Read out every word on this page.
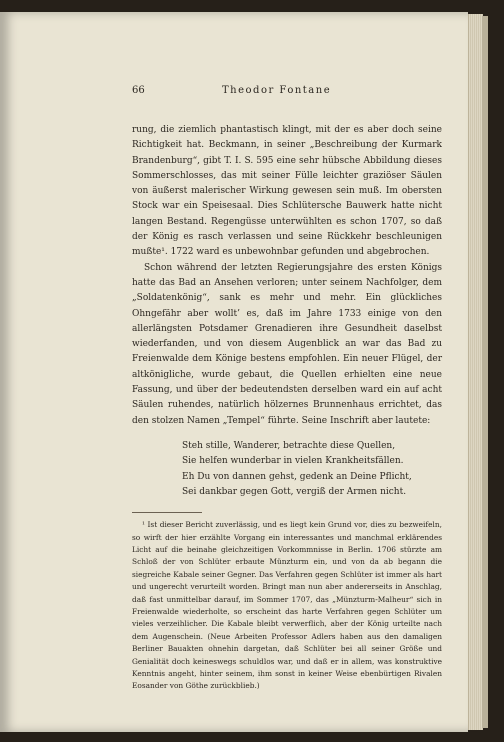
66	Theodor Fontane

rung, die ziemlich phantastisch klingt, mit der es aber doch seine Richtigkeit hat. Beckmann, in seiner „Beschreibung der Kurmark Brandenburg“, gibt T. I. S. 595 eine sehr hübsche Abbildung dieses Sommerschlosses, das mit seiner Fülle leichter graziöser Säulen von äußerst malerischer Wirkung gewesen sein muß. Im obersten Stock war ein Speisesaal. Dies Schlütersche Bauwerk hatte nicht langen Bestand. Regengüsse unterwühlten es schon 1707, so daß der König es rasch verlassen und seine Rückkehr beschleunigen mußte¹. 1722 ward es unbewohnbar gefunden und abgebrochen.

Schon während der letzten Regierungsjahre des ersten Königs hatte das Bad an Ansehen verloren; unter seinem Nachfolger, dem „Soldatenkönig“, sank es mehr und mehr. Ein glückliches Ohngefähr aber wollt’ es, daß im Jahre 1733 einige von den allerlängsten Potsdamer Grenadieren ihre Gesundheit daselbst wiederfanden, und von diesem Augenblick an war das Bad zu Freienwalde dem Könige bestens empfohlen. Ein neuer Flügel, der altkönigliche, wurde gebaut, die Quellen erhielten eine neue Fassung, und über der bedeutendsten derselben ward ein auf acht Säulen ruhendes, natürlich hölzernes Brunnenhaus errichtet, das den stolzen Namen „Tempel“ führte. Seine Inschrift aber lautete:

Steh stille, Wanderer, betrachte diese Quellen,
Sie helfen wunderbar in vielen Krankheitsfällen.
Eh Du von dannen gehst, gedenk an Deine Pflicht,
Sei dankbar gegen Gott, vergiß der Armen nicht.

¹ Ist dieser Bericht zuverlässig, und es liegt kein Grund vor, dies zu bezweifeln, so wirft der hier erzählte Vorgang ein interessantes und manchmal erklärendes Licht auf die beinahe gleichzeitigen Vorkommnisse in Berlin. 1706 stürzte am Schloß der von Schlüter erbaute Münzturm ein, und von da ab begann die siegreiche Kabale seiner Gegner. Das Verfahren gegen Schlüter ist immer als hart und ungerecht verurteilt worden. Bringt man nun aber andererseits in Anschlag, daß fast unmittelbar darauf, im Sommer 1707, das „Münzturm-Malheur“ sich in Freienwalde wiederholte, so erscheint das harte Verfahren gegen Schlüter um vieles verzeihlicher. Die Kabale bleibt verwerflich, aber der König urteilte nach dem Augenschein. (Neue Arbeiten Professor Adlers haben aus den damaligen Berliner Bauakten ohnehin dargetan, daß Schlüter bei all seiner Größe und Genialität doch keineswegs schuldlos war, und daß er in allem, was konstruktive Kenntnis angeht, hinter seinem, ihm sonst in keiner Weise ebenbürtigen Rivalen Eosander von Göthe zurückblieb.)
